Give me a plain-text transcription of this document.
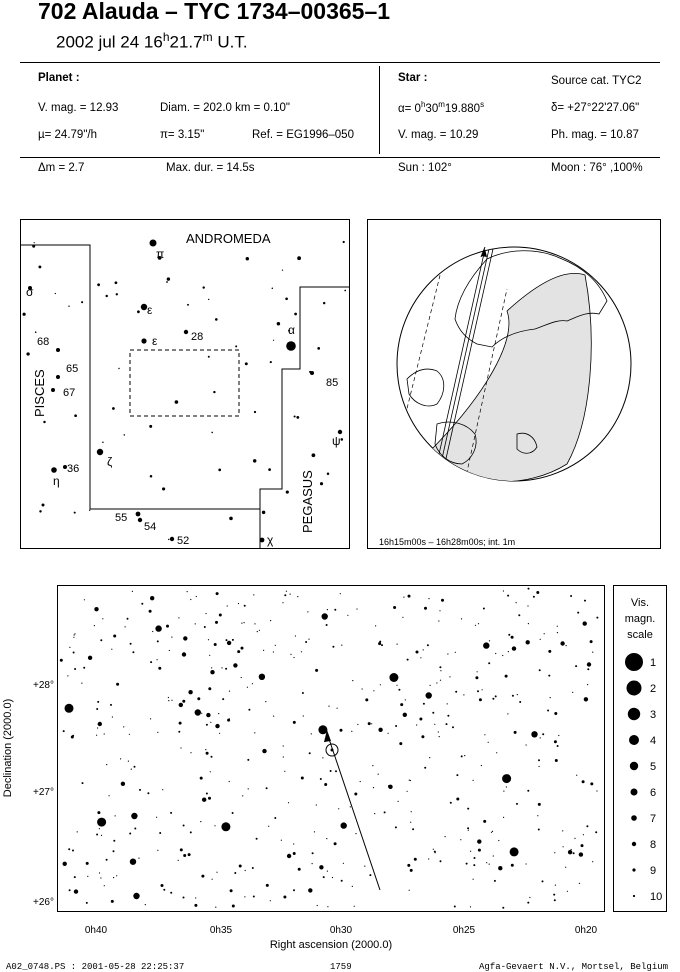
702 Alauda – TYC 1734–00365–1
2002 jul 24 16$^h$21.7$^m$ U.T.
Planet :
V. mag. = 12.93	Diam. = 202.0 km = 0.10"
µ= 24.79"/h	π= 3.15"	Ref. = EG1996–050
Δm = 2.7	Max. dur. = 14.5s
Star :	Source cat. TYC2
$\alpha= 0^h30^m19.880^s$	δ= +27°22'27.06"
V. mag. = 10.29	Ph. mag. = 10.87
Sun : 102°	Moon : 76° ,100%
ANDROMEDA
PISCES
PEGASUS
π
ε
ε	28	α
σ
68
65
67
85
ψ
ζ
36
η
55
54
52	χ	16h15m00s – 16h28m00s; int. 1m
0h40	0h35	0h30	0h25	0h20
Right ascension (2000.0)
+28°
+27°
+26°
Declination (2000.0)
Vis.
magn.
scale
1
2
3
4
5
6
7
8
9
10
A02_0748.PS : 2001-05-28 22:25:37	1759	Agfa-Gevaert N.V., Mortsel, Belgium
